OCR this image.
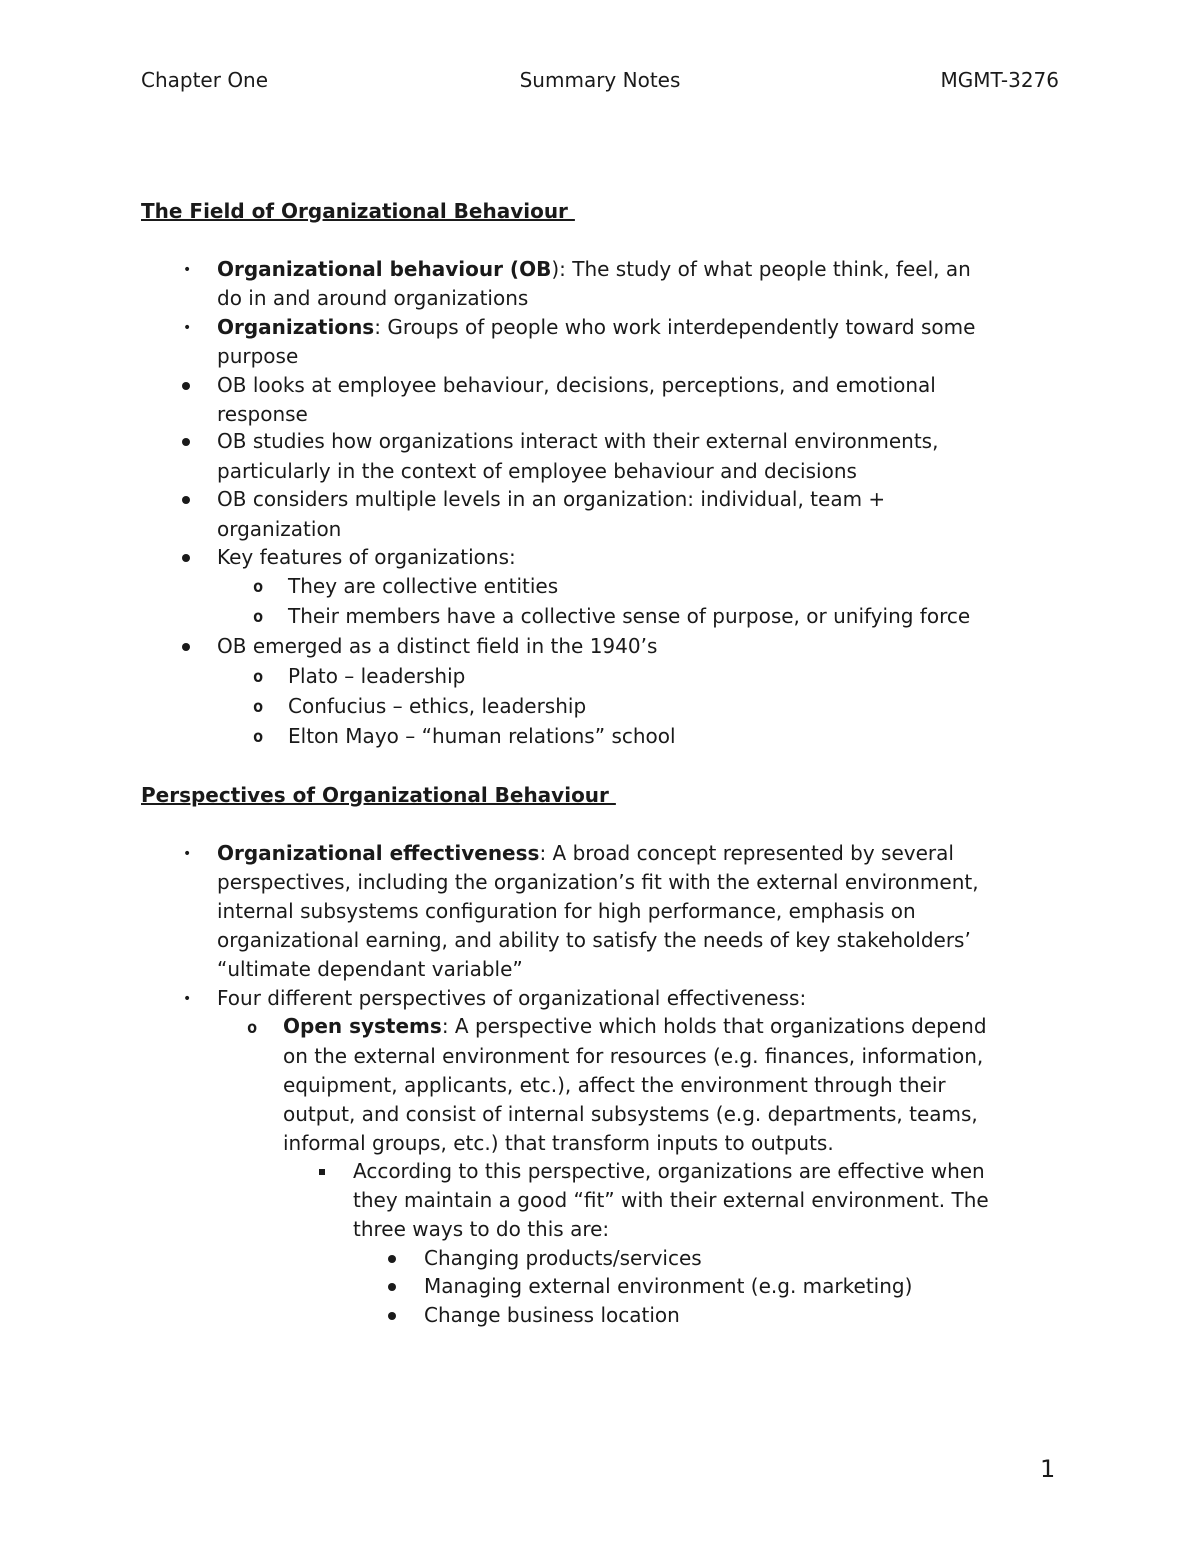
Chapter One	Summary Notes	MGMT-3276
The Field of Organizational Behaviour
• Organizational behaviour (OB): The study of what people think, feel, an
do in and around organizations
• Organizations: Groups of people who work interdependently toward some
purpose
OB looks at employee behaviour, decisions, perceptions, and emotional
response
OB studies how organizations interact with their external environments,
particularly in the context of employee behaviour and decisions
OB considers multiple levels in an organization: individual, team +
organization
Key features of organizations:
o They are collective entities
o Their members have a collective sense of purpose, or unifying force
OB emerged as a distinct field in the 1940’s
o Plato – leadership
o Confucius – ethics, leadership
o Elton Mayo – “human relations” school
Perspectives of Organizational Behaviour
• Organizational effectiveness: A broad concept represented by several
perspectives, including the organization’s fit with the external environment,
internal subsystems configuration for high performance, emphasis on
organizational earning, and ability to satisfy the needs of key stakeholders’
“ultimate dependant variable”
• Four different perspectives of organizational effectiveness:
o Open systems: A perspective which holds that organizations depend
on the external environment for resources (e.g. finances, information,
equipment, applicants, etc.), affect the environment through their
output, and consist of internal subsystems (e.g. departments, teams,
informal groups, etc.) that transform inputs to outputs.
According to this perspective, organizations are effective when
they maintain a good “fit” with their external environment. The
three ways to do this are:
Changing products/services
Managing external environment (e.g. marketing)
Change business location
1
